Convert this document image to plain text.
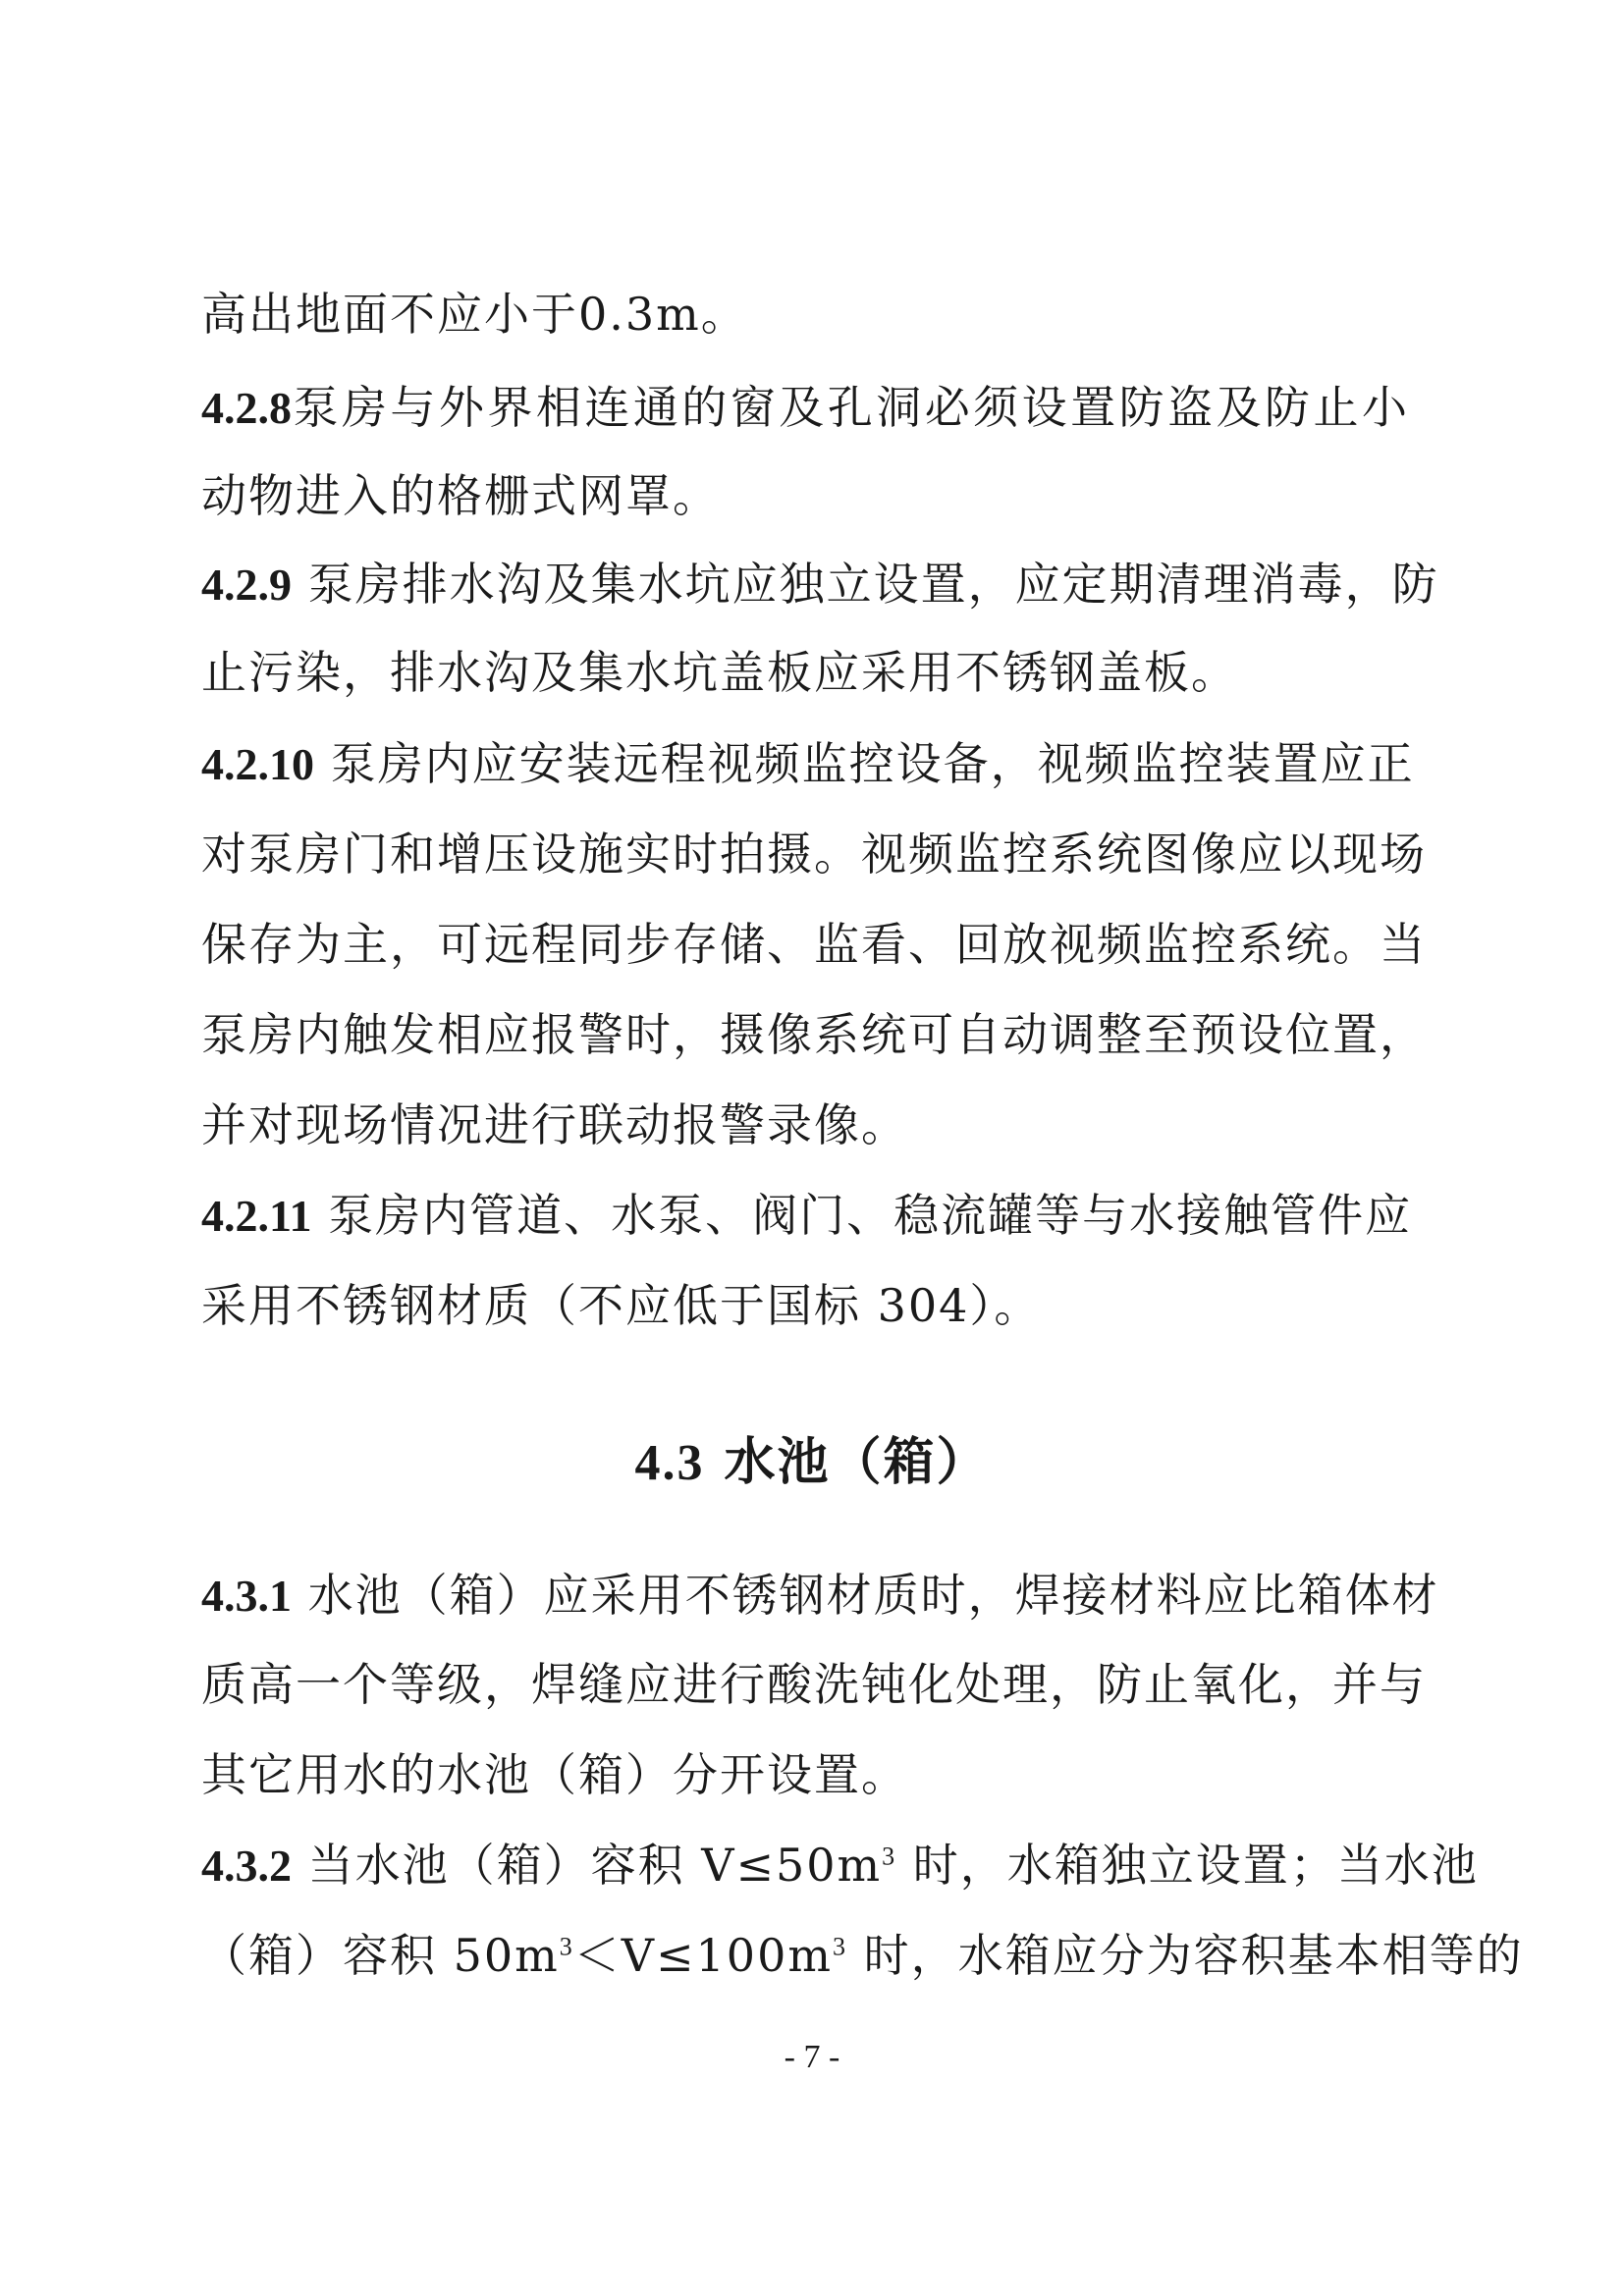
高出地面不应小于0.3m。
4.2.8泵房与外界相连通的窗及孔洞必须设置防盗及防止小
动物进入的格栅式网罩。
4.2.9 泵房排水沟及集水坑应独立设置，应定期清理消毒，防
止污染，排水沟及集水坑盖板应采用不锈钢盖板。
4.2.10 泵房内应安装远程视频监控设备，视频监控装置应正
对泵房门和增压设施实时拍摄。视频监控系统图像应以现场
保存为主，可远程同步存储、监看、回放视频监控系统。当
泵房内触发相应报警时，摄像系统可自动调整至预设位置，
并对现场情况进行联动报警录像。
4.2.11 泵房内管道、水泵、阀门、稳流罐等与水接触管件应
采用不锈钢材质（不应低于国标 304）。
4.3 水池（箱）
4.3.1 水池（箱）应采用不锈钢材质时，焊接材料应比箱体材
质高一个等级，焊缝应进行酸洗钝化处理，防止氧化，并与
其它用水的水池（箱）分开设置。
4.3.2 当水池（箱）容积 $V\le 50m^3$ 时，水箱独立设置；当水池
（箱）容积 $50m^3<V\le 100m^3$ 时，水箱应分为容积基本相等的
- 7 -
